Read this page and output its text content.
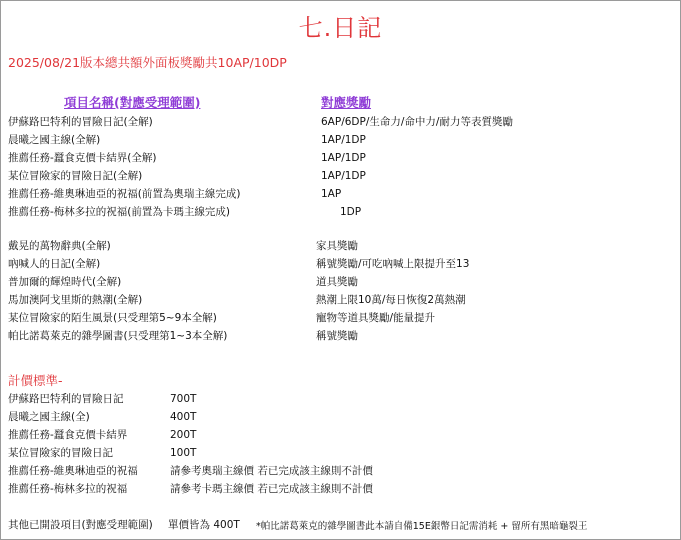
七.日記
2025/08/21版本總共額外面板獎勵共10AP/10DP
項目名稱(對應受理範圍)	對應獎勵
伊蘇路巴特利的冒險日記(全解)	6AP/6DP/生命力/命中力/耐力等表質獎勵
晨曦之國主線(全解)	1AP/1DP
推薦任務-蠶食克價卡結界(全解)	1AP/1DP
某位冒險家的冒險日記(全解)	1AP/1DP
推薦任務-維奧琳迪亞的祝福(前置為奧瑞主線完成)	1AP
推薦任務-梅林多拉的祝福(前置為卡瑪主線完成)	1DP
戴晃的萬物辭典(全解)	家具獎勵
吶喊人的日記(全解)	稱號獎勵/可吃吶喊上限提升至13
普加爾的輝煌時代(全解)	道具獎勵
馬加澳阿戈里斯的熱潮(全解)	熱潮上限10萬/每日恢復2萬熱潮
某位冒險家的陌生風景(只受理第5~9本全解)	寵物等道具獎勵/能量提升
帕比諾葛萊克的雜學圖書(只受理第1~3本全解)	稱號獎勵
計價標準-
伊蘇路巴特利的冒險日記	700T
晨曦之國主線(全)	400T
推薦任務-蠶食克價卡結界	200T
某位冒險家的冒險日記	100T
推薦任務-維奧琳迪亞的祝福	請參考奧瑞主線價 若已完成該主線則不計價
推薦任務-梅林多拉的祝福	請參考卡瑪主線價 若已完成該主線則不計價
其他已開設項目(對應受理範圍) 單價皆為 400T *帕比諾葛萊克的雜學圖書此本請自備15E銀幣日記需消耗 + 留所有黑暗龜裂王
